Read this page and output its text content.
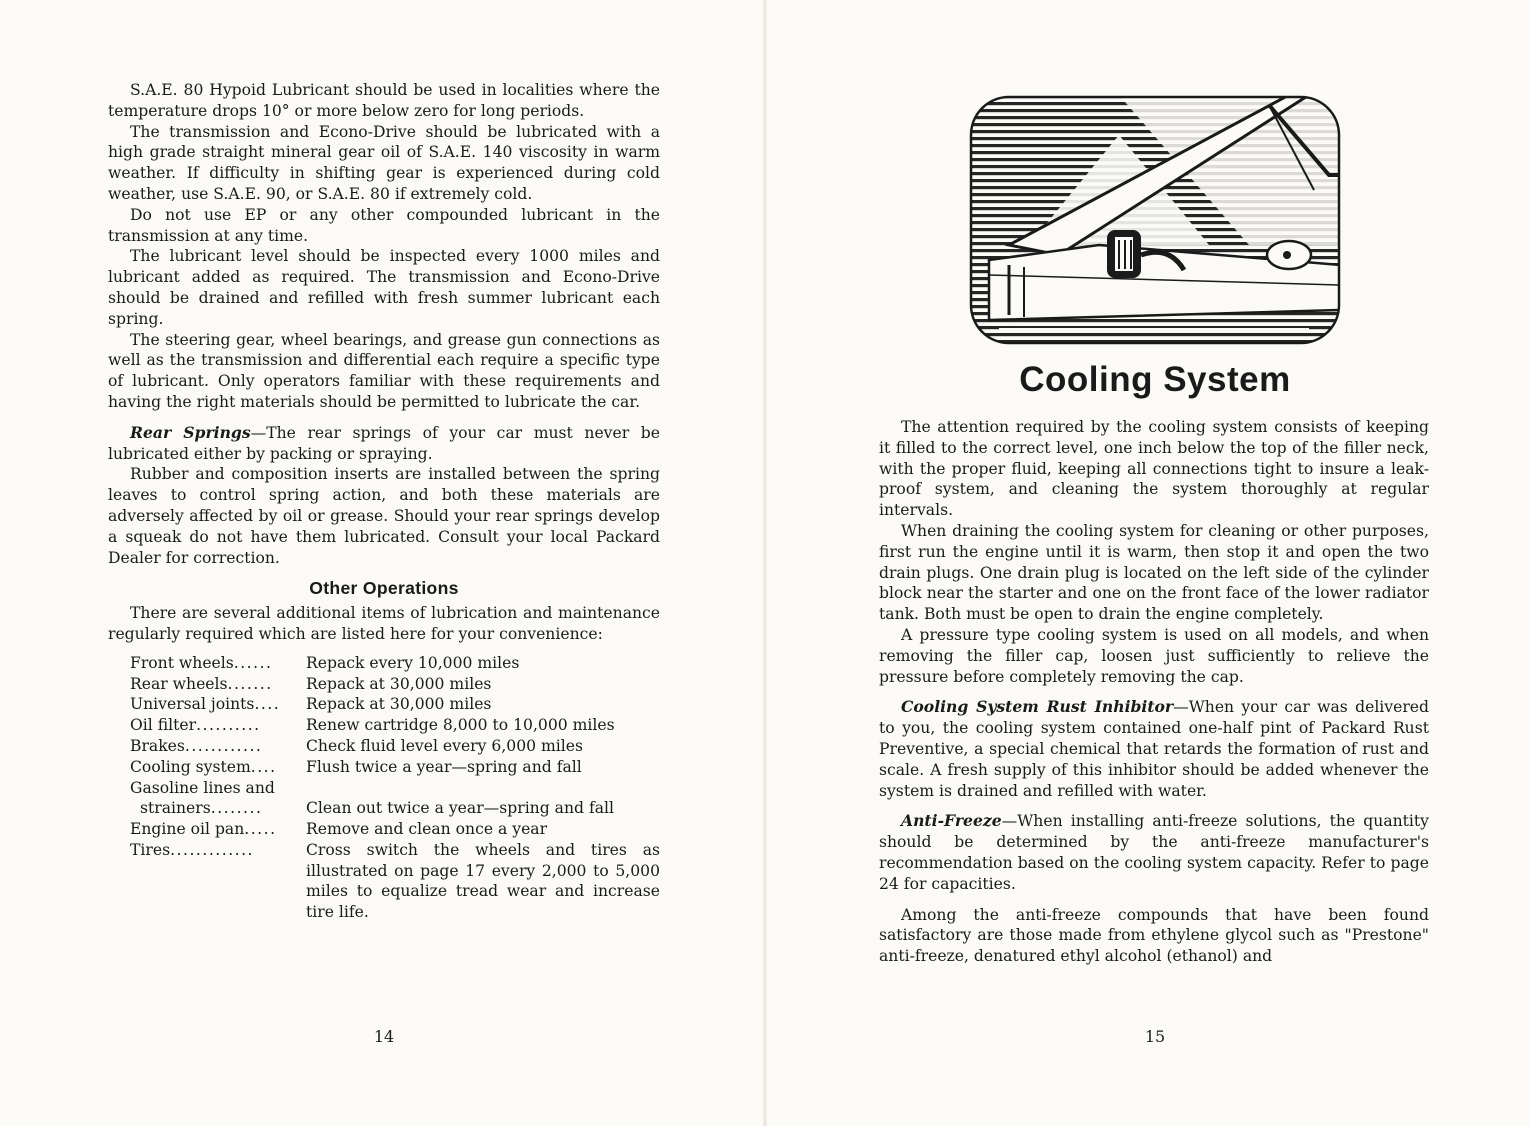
S.A.E. 80 Hypoid Lubricant should be used in localities where the temperature drops 10° or more below zero for long periods.

The transmission and Econo-Drive should be lubricated with a high grade straight mineral gear oil of S.A.E. 140 viscosity in warm weather. If difficulty in shifting gear is experienced during cold weather, use S.A.E. 90, or S.A.E. 80 if extremely cold.

Do not use EP or any other compounded lubricant in the transmission at any time.

The lubricant level should be inspected every 1000 miles and lubricant added as required. The transmission and Econo-Drive should be drained and refilled with fresh summer lubricant each spring.

The steering gear, wheel bearings, and grease gun connections as well as the transmission and differential each require a specific type of lubricant. Only operators familiar with these requirements and having the right materials should be permitted to lubricate the car.

Rear Springs—The rear springs of your car must never be lubricated either by packing or spraying.

Rubber and composition inserts are installed between the spring leaves to control spring action, and both these materials are adversely affected by oil or grease. Should your rear springs develop a squeak do not have them lubricated. Consult your local Packard Dealer for correction.

Other Operations

There are several additional items of lubrication and maintenance regularly required which are listed here for your convenience:

Front wheels......	Repack every 10,000 miles
Rear wheels.......	Repack at 30,000 miles
Universal joints....	Repack at 30,000 miles
Oil filter..........	Renew cartridge 8,000 to 10,000 miles
Brakes............	Check fluid level every 6,000 miles
Cooling system....	Flush twice a year—spring and fall
Gasoline lines and
strainers........	Clean out twice a year—spring and fall
Engine oil pan.....	Remove and clean once a year
Tires.............	Cross switch the wheels and tires as illustrated on page 17 every 2,000 to 5,000 miles to equalize tread wear and increase tire life.
14
Cooling System

The attention required by the cooling system consists of keeping it filled to the correct level, one inch below the top of the filler neck, with the proper fluid, keeping all connections tight to insure a leak-proof system, and cleaning the system thoroughly at regular intervals.

When draining the cooling system for cleaning or other purposes, first run the engine until it is warm, then stop it and open the two drain plugs. One drain plug is located on the left side of the cylinder block near the starter and one on the front face of the lower radiator tank. Both must be open to drain the engine completely.

A pressure type cooling system is used on all models, and when removing the filler cap, loosen just sufficiently to relieve the pressure before completely removing the cap.

Cooling System Rust Inhibitor—When your car was delivered to you, the cooling system contained one-half pint of Packard Rust Preventive, a special chemical that retards the formation of rust and scale. A fresh supply of this inhibitor should be added whenever the system is drained and refilled with water.

Anti-Freeze—When installing anti-freeze solutions, the quantity should be determined by the anti-freeze manufacturer's recommendation based on the cooling system capacity. Refer to page 24 for capacities.

Among the anti-freeze compounds that have been found satisfactory are those made from ethylene glycol such as "Prestone" anti-freeze, denatured ethyl alcohol (ethanol) and

15
